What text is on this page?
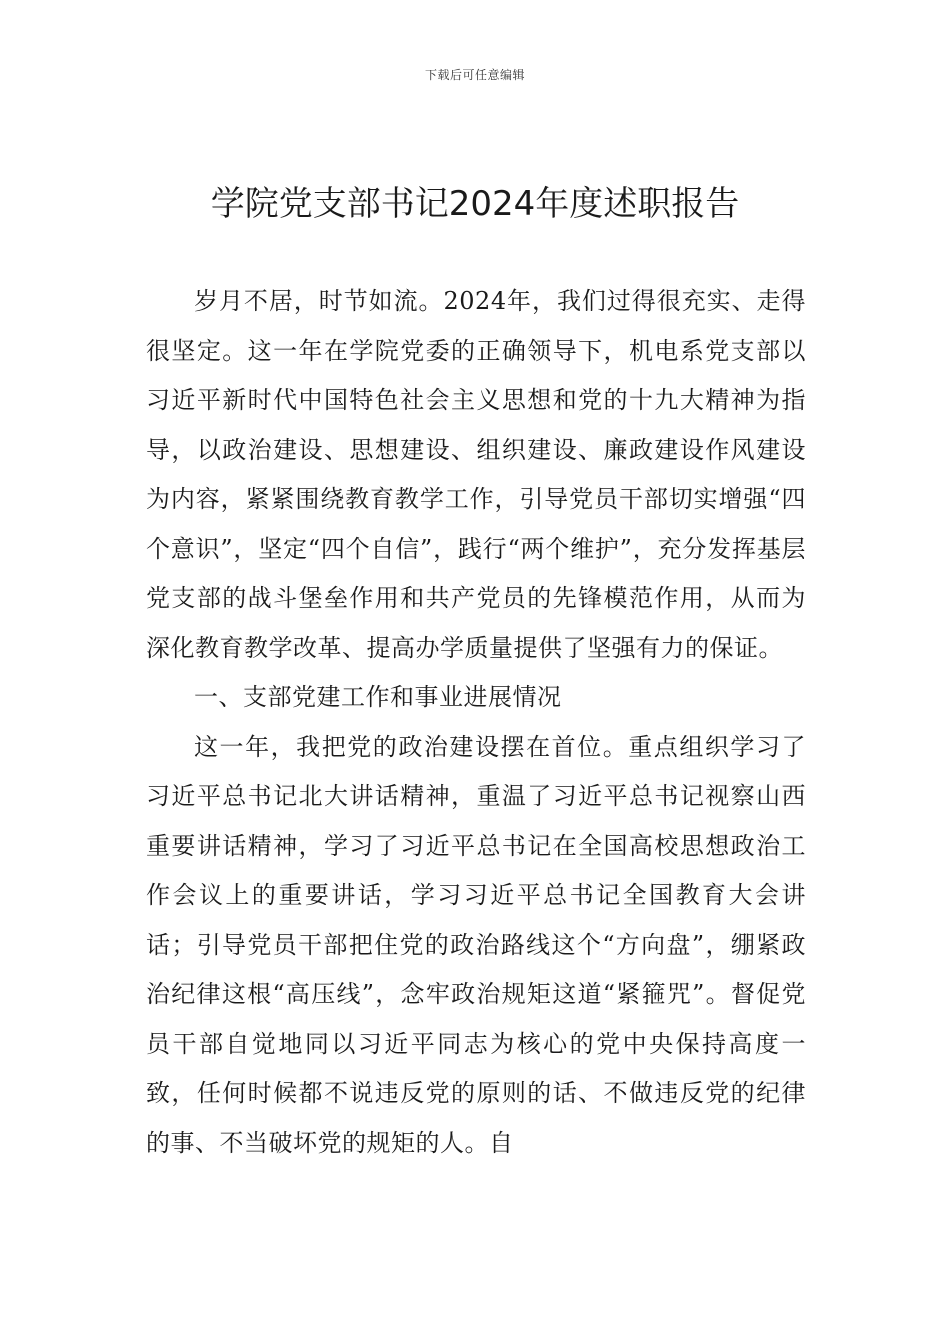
下载后可任意编辑
学院党支部书记2024年度述职报告

岁月不居，时节如流。2024年，我们过得很充实、走得很坚定。这一年在学院党委的正确领导下，机电系党支部以习近平新时代中国特色社会主义思想和党的十九大精神为指导，以政治建设、思想建设、组织建设、廉政建设作风建设为内容，紧紧围绕教育教学工作，引导党员干部切实增强“四个意识”，坚定“四个自信”，践行“两个维护”，充分发挥基层党支部的战斗堡垒作用和共产党员的先锋模范作用，从而为深化教育教学改革、提高办学质量提供了坚强有力的保证。

一、支部党建工作和事业进展情况

这一年，我把党的政治建设摆在首位。重点组织学习了习近平总书记北大讲话精神，重温了习近平总书记视察山西重要讲话精神，学习了习近平总书记在全国高校思想政治工作会议上的重要讲话，学习习近平总书记全国教育大会讲话；引导党员干部把住党的政治路线这个“方向盘”，绷紧政治纪律这根“高压线”，念牢政治规矩这道“紧箍咒”。督促党员干部自觉地同以习近平同志为核心的党中央保持高度一致，任何时候都不说违反党的原则的话、不做违反党的纪律的事、不当破坏党的规矩的人。自
